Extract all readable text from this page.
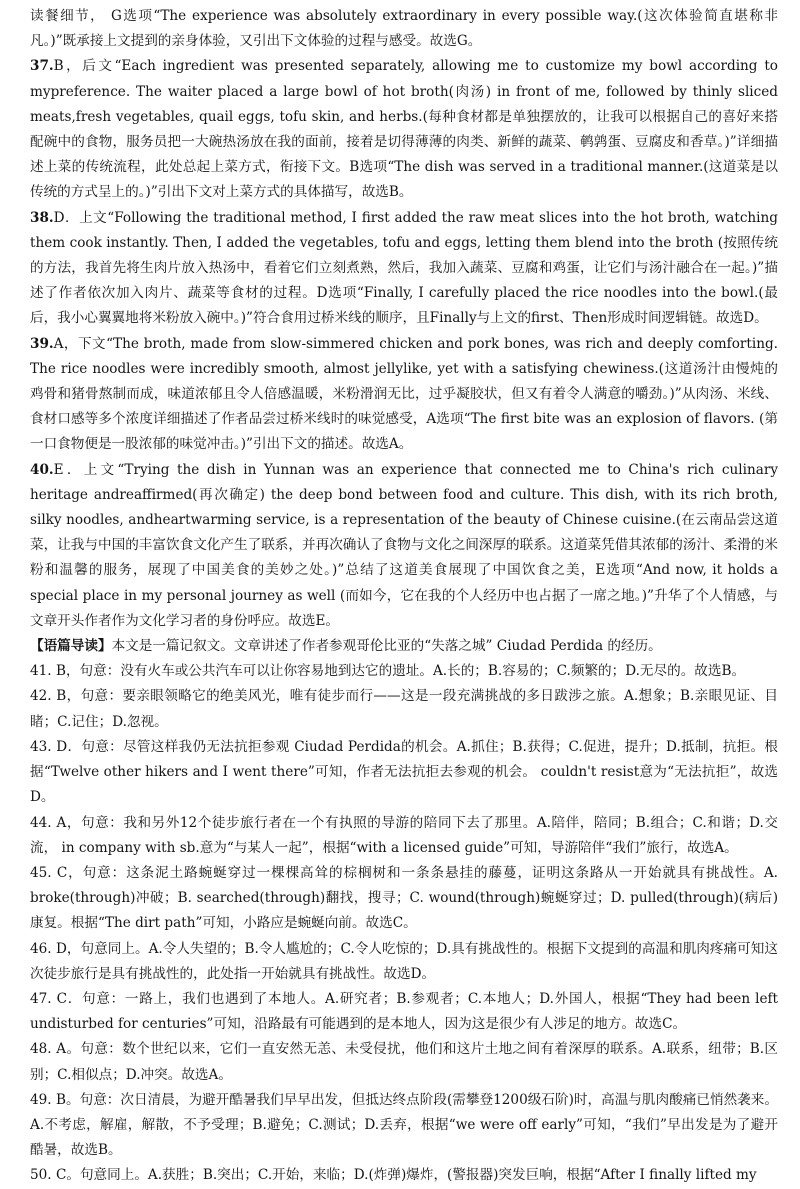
读餐细节， G选项“The experience was absolutely extraordinary in every possible way.(这次体验简直堪称非凡。)”既承接上文提到的亲身体验，又引出下文体验的过程与感受。故选G。

37.B，后文“Each ingredient was presented separately, allowing me to customize my bowl according to mypreference. The waiter placed a large bowl of hot broth(肉汤) in front of me, followed by thinly sliced meats,fresh vegetables, quail eggs, tofu skin, and herbs.(每种食材都是单独摆放的，让我可以根据自己的喜好来搭配碗中的食物，服务员把一大碗热汤放在我的面前，接着是切得薄薄的肉类、新鲜的蔬菜、鹌鹑蛋、豆腐皮和香草。)”详细描述上菜的传统流程，此处总起上菜方式，衔接下文。B选项“The dish was served in a traditional manner.(这道菜是以传统的方式呈上的。)”引出下文对上菜方式的具体描写，故选B。

38.D．上文“Following the traditional method, I first added the raw meat slices into the hot broth, watching them cook instantly. Then, I added the vegetables, tofu and eggs, letting them blend into the broth (按照传统的方法，我首先将生肉片放入热汤中，看着它们立刻煮熟，然后，我加入蔬菜、豆腐和鸡蛋，让它们与汤汁融合在一起。)”描述了作者依次加入肉片、蔬菜等食材的过程。D选项“Finally, I carefully placed the rice noodles into the bowl.(最后，我小心翼翼地将米粉放入碗中。)”符合食用过桥米线的顺序，且Finally与上文的first、Then形成时间逻辑链。故选D。

39.A，下文“The broth, made from slow-simmered chicken and pork bones, was rich and deeply comforting. The rice noodles were incredibly smooth, almost jellylike, yet with a satisfying chewiness.(这道汤汁由慢炖的鸡骨和猪骨熬制而成，味道浓郁且令人倍感温暖，米粉滑润无比，过乎凝胶状，但又有着令人满意的嚼劲。)”从肉汤、米线、食材口感等多个浓度详细描述了作者品尝过桥米线时的味觉感受，A选项“The first bite was an explosion of flavors. (第一口食物便是一股浓郁的味觉冲击。)”引出下文的描述。故选A。

40.E．上文“Trying the dish in Yunnan was an experience that connected me to China's rich culinary heritage andreaffirmed(再次确定) the deep bond between food and culture. This dish, with its rich broth, silky noodles, andheartwarming service, is a representation of the beauty of Chinese cuisine.(在云南品尝这道菜，让我与中国的丰富饮食文化产生了联系，并再次确认了食物与文化之间深厚的联系。这道菜凭借其浓郁的汤汁、柔滑的米粉和温馨的服务，展现了中国美食的美妙之处。)”总结了这道美食展现了中国饮食之美，E选项“And now, it holds a special place in my personal journey as well (而如今，它在我的个人经历中也占据了一席之地。)”升华了个人情感，与文章开头作者作为文化学习者的身份呼应。故选E。

【语篇导读】本文是一篇记叙文。文章讲述了作者参观哥伦比亚的“失落之城” Ciudad Perdida 的经历。

41. B，句意：没有火车或公共汽车可以让你容易地到达它的遗址。A.长的；B.容易的；C.频繁的；D.无尽的。故选B。

42. B，句意：要亲眼领略它的绝美风光，唯有徒步而行——这是一段充满挑战的多日跋涉之旅。A.想象；B.亲眼见证、目睹；C.记住；D.忽视。

43. D．句意：尽管这样我仍无法抗拒参观 Ciudad Perdida的机会。A.抓住；B.获得；C.促进，提升；D.抵制，抗拒。根据“Twelve other hikers and I went there”可知，作者无法抗拒去参观的机会。 couldn't resist意为“无法抗拒”，故选D。

44. A，句意：我和另外12个徒步旅行者在一个有执照的导游的陪同下去了那里。A.陪伴，陪同；B.组合；C.和谐；D.交流， in company with sb.意为“与某人一起”，根据“with a licensed guide”可知，导游陪伴“我们”旅行，故选A。

45. C，句意：这条泥土路蜿蜒穿过一棵棵高耸的棕榈树和一条条悬挂的藤蔓，证明这条路从一开始就具有挑战性。A. broke(through)冲破；B. searched(through)翻找，搜寻；C. wound(through)蜿蜒穿过；D. pulled(through)(病后)康复。根据“The dirt path”可知，小路应是蜿蜒向前。故选C。

46. D，句意同上。A.令人失望的；B.令人尴尬的；C.令人吃惊的；D.具有挑战性的。根据下文提到的高温和肌肉疼痛可知这次徒步旅行是具有挑战性的，此处指一开始就具有挑战性。故选D。

47. C．句意：一路上，我们也遇到了本地人。A.研究者；B.参观者；C.本地人；D.外国人，根据“They had been left undisturbed for centuries”可知，沿路最有可能遇到的是本地人，因为这是很少有人涉足的地方。故选C。

48. A。句意：数个世纪以来，它们一直安然无恙、未受侵扰，他们和这片土地之间有着深厚的联系。A.联系，纽带；B.区别；C.相似点；D.冲突。故选A。

49. B。句意：次日清晨，为避开酷暑我们早早出发，但抵达终点阶段(需攀登1200级石阶)时，高温与肌肉酸痛已悄然袭来。A.不考虑，解雇，解散，不予受理；B.避免；C.测试；D.丢弃，根据“we were off early”可知，“我们”早出发是为了避开酷暑，故选B。

50. C。句意同上。A.获胜；B.突出；C.开始，来临；D.(炸弹)爆炸，(警报器)突发巨响，根据“After I finally lifted my
